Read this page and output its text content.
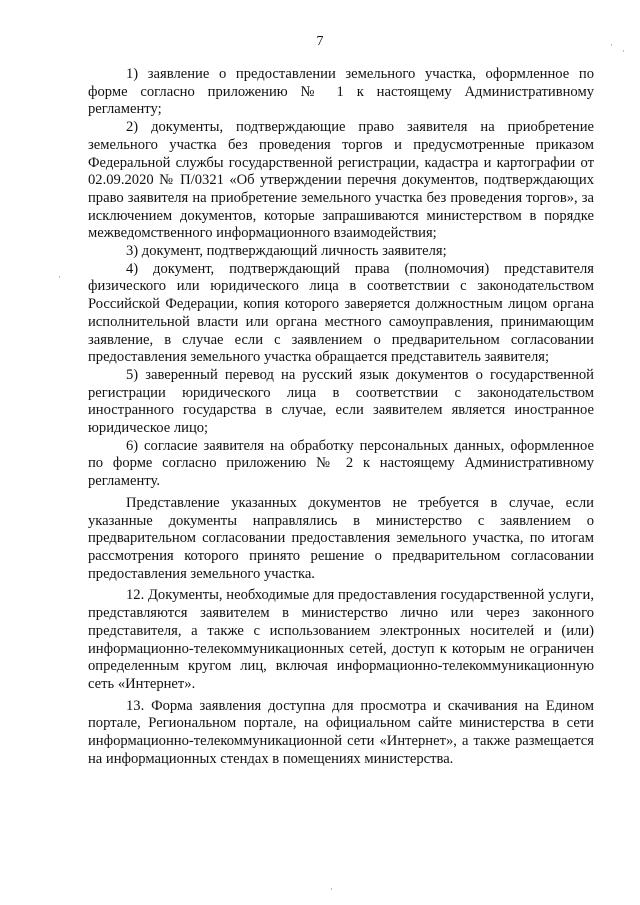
7	·
·
·
·

1) заявление о предоставлении земельного участка, оформленное по форме согласно приложению № 1 к настоящему Административному регламенту;

2) документы, подтверждающие право заявителя на приобретение земельного участка без проведения торгов и предусмотренные приказом Федеральной службы государственной регистрации, кадастра и картографии от 02.09.2020 № П/0321 «Об утверждении перечня документов, подтверждающих право заявителя на приобретение земельного участка без проведения торгов», за исключением документов, которые запрашиваются министерством в порядке межведомственного информационного взаимодействия;

3) документ, подтверждающий личность заявителя;

4) документ, подтверждающий права (полномочия) представителя физического или юридического лица в соответствии с законодательством Российской Федерации, копия которого заверяется должностным лицом органа исполнительной власти или органа местного самоуправления, принимающим заявление, в случае если с заявлением о предварительном согласовании предоставления земельного участка обращается представитель заявителя;

5) заверенный перевод на русский язык документов о государственной регистрации юридического лица в соответствии с законодательством иностранного государства в случае, если заявителем является иностранное юридическое лицо;

6) согласие заявителя на обработку персональных данных, оформленное по форме согласно приложению № 2 к настоящему Административному регламенту.

Представление указанных документов не требуется в случае, если указанные документы направлялись в министерство с заявлением о предварительном согласовании предоставления земельного участка, по итогам рассмотрения которого принято решение о предварительном согласовании предоставления земельного участка.

12. Документы, необходимые для предоставления государственной услуги, представляются заявителем в министерство лично или через законного представителя, а также с использованием электронных носителей и (или) информационно-телекоммуникационных сетей, доступ к которым не ограничен определенным кругом лиц, включая информационно-телекоммуникационную сеть «Интернет».

13. Форма заявления доступна для просмотра и скачивания на Едином портале, Региональном портале, на официальном сайте министерства в сети информационно-телекоммуникационной сети «Интернет», а также размещается на информационных стендах в помещениях министерства.
